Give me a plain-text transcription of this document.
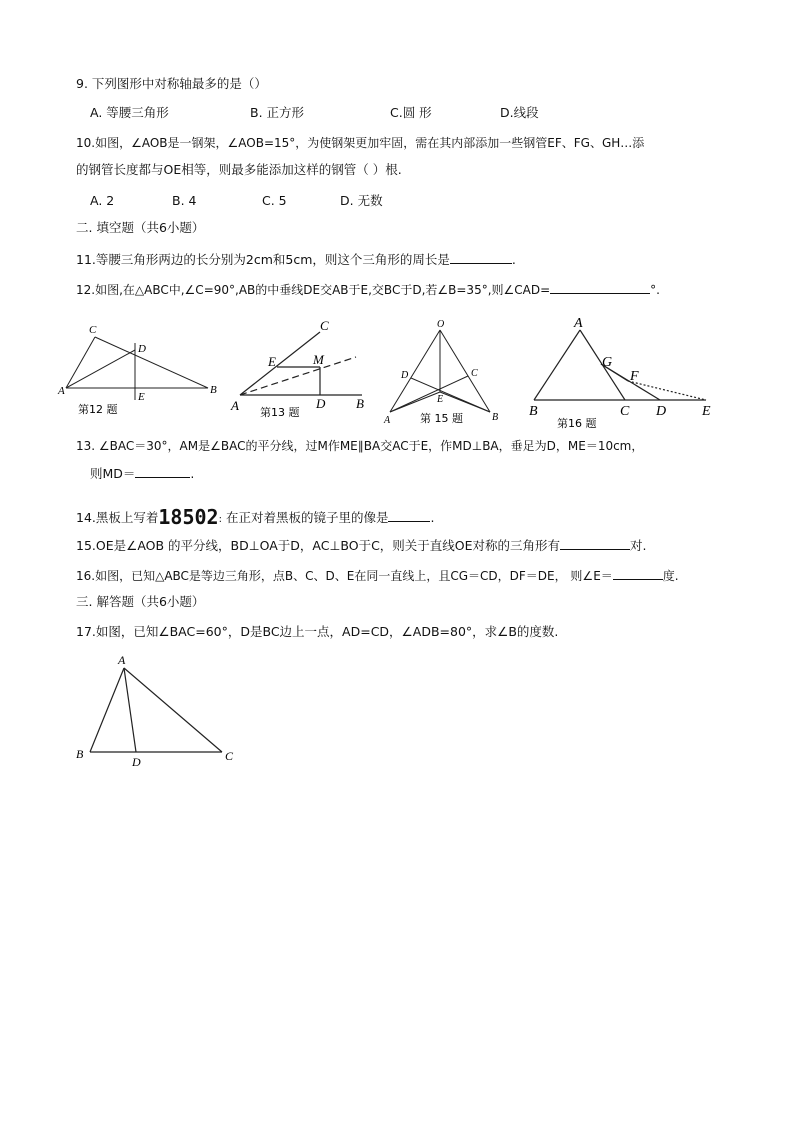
9. 下列图形中对称轴最多的是（）
A. 等腰三角形	B. 正方形	C.圆 形	D.线段
10.如图，∠AOB是一钢架，∠AOB=15°，为使钢架更加牢固，需在其内部添加一些钢管EF、FG、GH…添
的钢管长度都与OE相等，则最多能添加这样的钢管（ ）根.
A. 2	B. 4	C. 5	D. 无数
二. 填空题（共6小题）
11.等腰三角形两边的长分别为2cm和5cm，则这个三角形的周长是	.
12.如图,在△ABC中,∠C=90°,AB的中垂线DE交AB于E,交BC于D,若∠B=35°,则∠CAD=	°.
C
D
A	E
B
第12 题
C
E	M
A	D B
第13 题
O
D	C
E
A	B
第 15 题
A
G
F
B	C D	E
第16 题
13. ∠BAC＝30°，AM是∠BAC的平分线，过M作ME∥BA交AC于E，作MD⊥BA，垂足为D，ME＝10cm，
则MD＝	.
14.黑板上写着18502: 在正对着黑板的镜子里的像是	.
15.OE是∠AOB 的平分线，BD⊥OA于D，AC⊥BO于C，则关于直线OE对称的三角形有	对.
16.如图，已知△ABC是等边三角形，点B、C、D、E在同一直线上，且CG＝CD，DF＝DE， 则∠E＝	度.
三. 解答题（共6小题）
17.如图，已知∠BAC=60°，D是BC边上一点，AD=CD，∠ADB=80°，求∠B的度数.
A
B
D	C
